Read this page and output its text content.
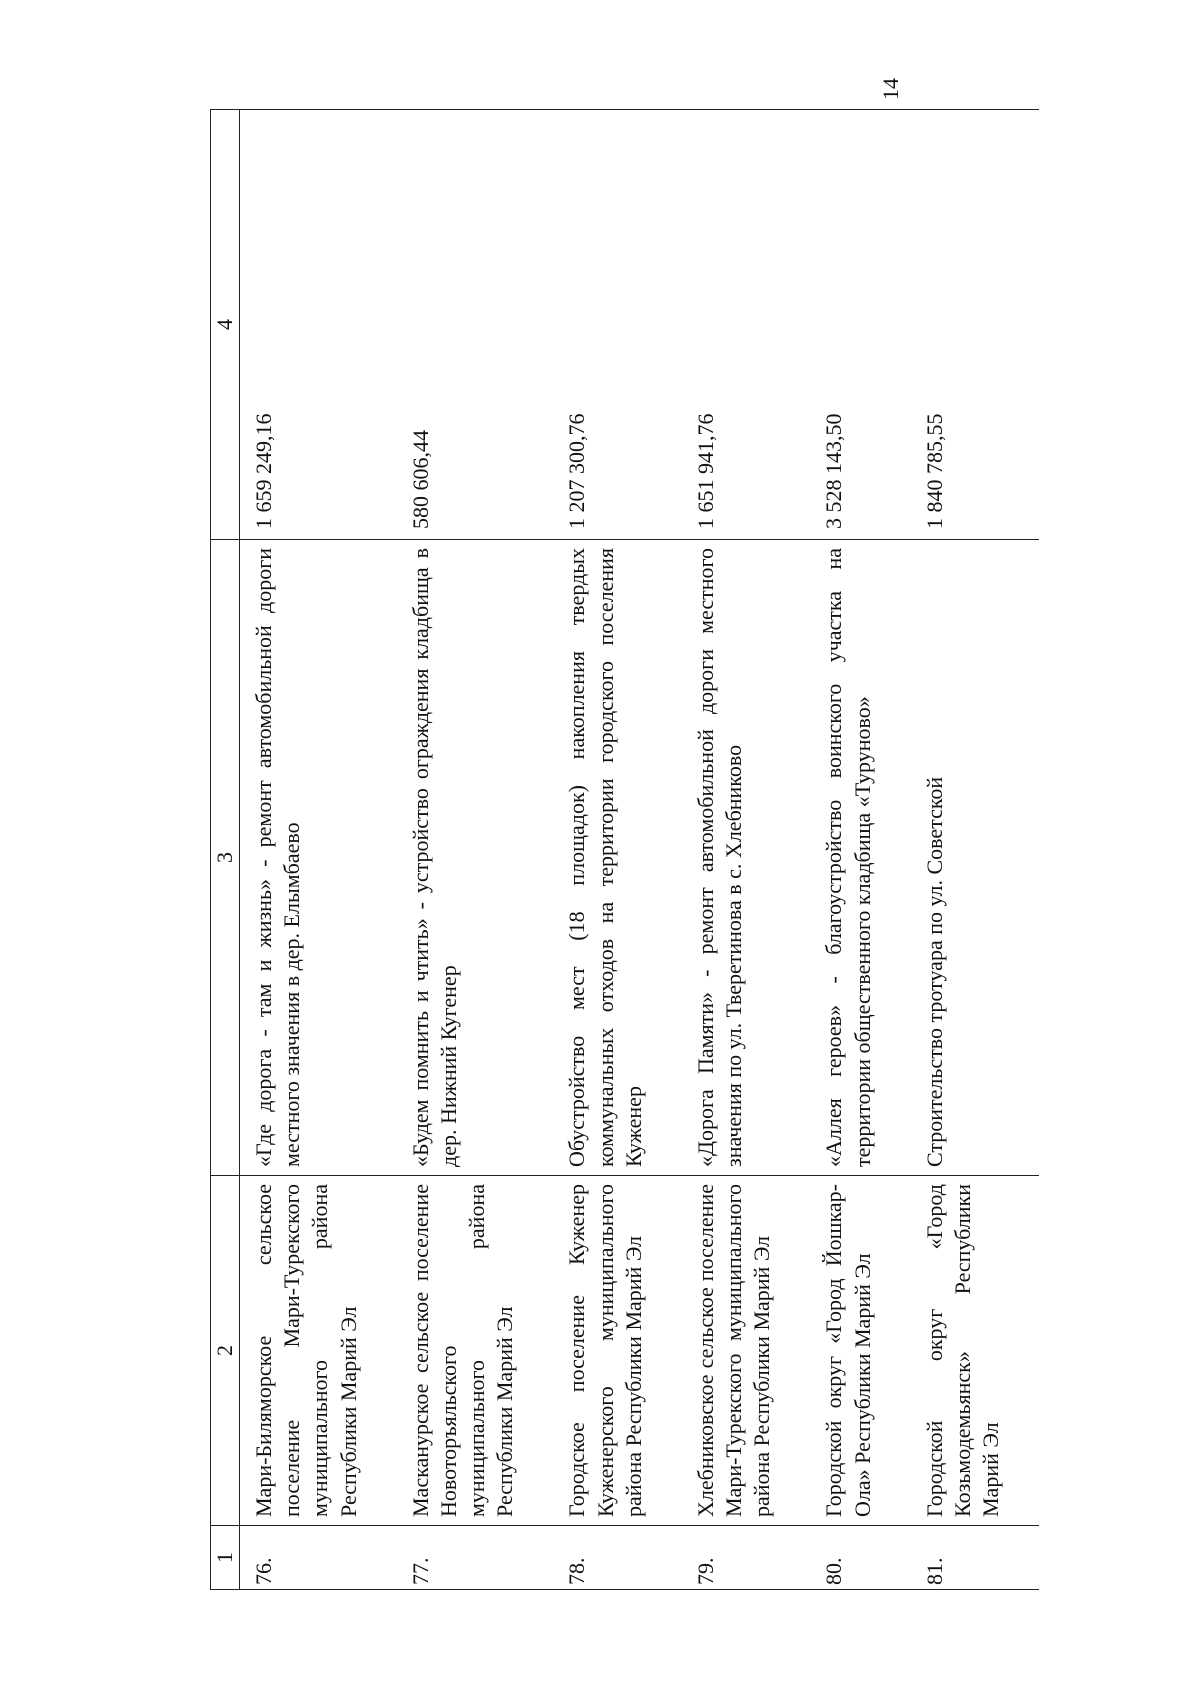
14
1	2	3	4
76.	Мари-Биляморское сельское поселение Мари-Турекского муниципального района Республики Марий Эл	«Где дорога - там и жизнь» - ремонт автомобильной дороги местного значения в дер. Елымбаево	1 659 249,16
77.	Маскануpское сельское поселение Новоторъяльского муниципального района Республики Марий Эл	«Будем помнить и чтить» - устройство ограждения кладбища в дер. Нижний Кугенер	580 606,44
78.	Городское поселение Куженер Куженерского муниципального района Республики Марий Эл	Обустройство мест (18 площадок) накопления твердых коммунальных отходов на территории городского поселения Куженер	1 207 300,76
79.	Хлебниковское сельское поселение Мари-Турекского муниципального района Республики Марий Эл	«Дорога Памяти» - ремонт автомобильной дороги местного значения по ул. Тверетинова в с. Хлебниково	1 651 941,76
80.	Городской округ «Город Йошкар-Ола» Республики Марий Эл	«Аллея героев» - благоустройство воинского участка на территории общественного кладбища «Туруново»	3 528 143,50
81.	Городской округ «Город Козьмодемьянск» Республики Марий Эл	Строительство тротуара по ул. Советской	1 840 785,55
